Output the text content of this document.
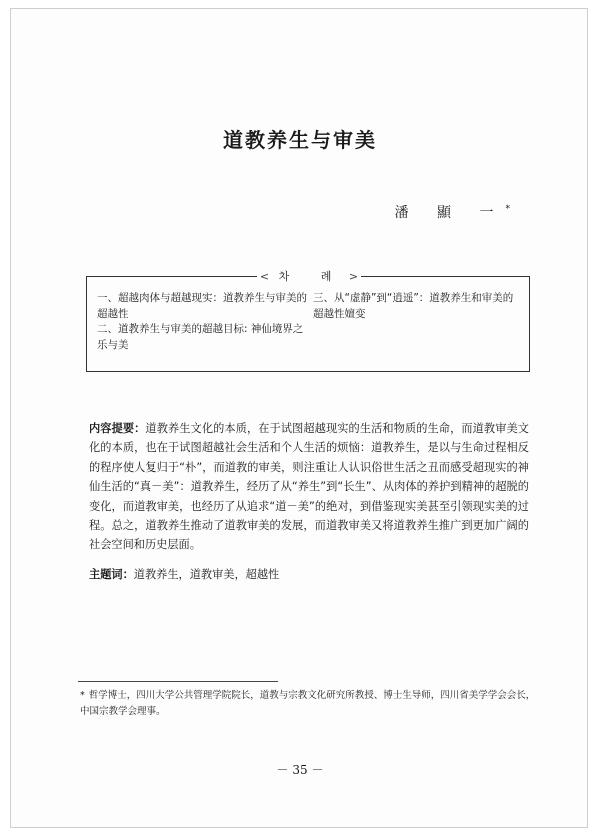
道教养生与审美
潘 顯 一*
< 차 례 >

一、超越肉体与超越现实：道教养生与审美的超越性

二、道教养生与审美的超越目标: 神仙境界之乐与美

三、从“虚静”到“逍遥”：道教养生和审美的超越性嬗变

内容提要：道教养生文化的本质，在于试图超越现实的生活和物质的生命，而道教审美文化的本质，也在于试图超越社会生活和个人生活的烦恼：道教养生，是以与生命过程相反的程序使人复归于“朴”，而道教的审美，则注重让人认识俗世生活之丑而感受超现实的神仙生活的“真－美”：道教养生，经历了从“养生”到“长生”、从肉体的养护到精神的超脱的变化，而道教审美，也经历了从追求“道－美”的绝对，到借鉴现实美甚至引领现实美的过程。总之，道教养生推动了道教审美的发展，而道教审美又将道教养生推广到更加广阔的社会空间和历史层面。
主题词：道教养生，道教审美，超越性
* 哲学博士，四川大学公共管理学院院长，道教与宗教文化研究所教授、博士生导师，四川省美学学会会长，中国宗教学会理事。
－ 35 －
